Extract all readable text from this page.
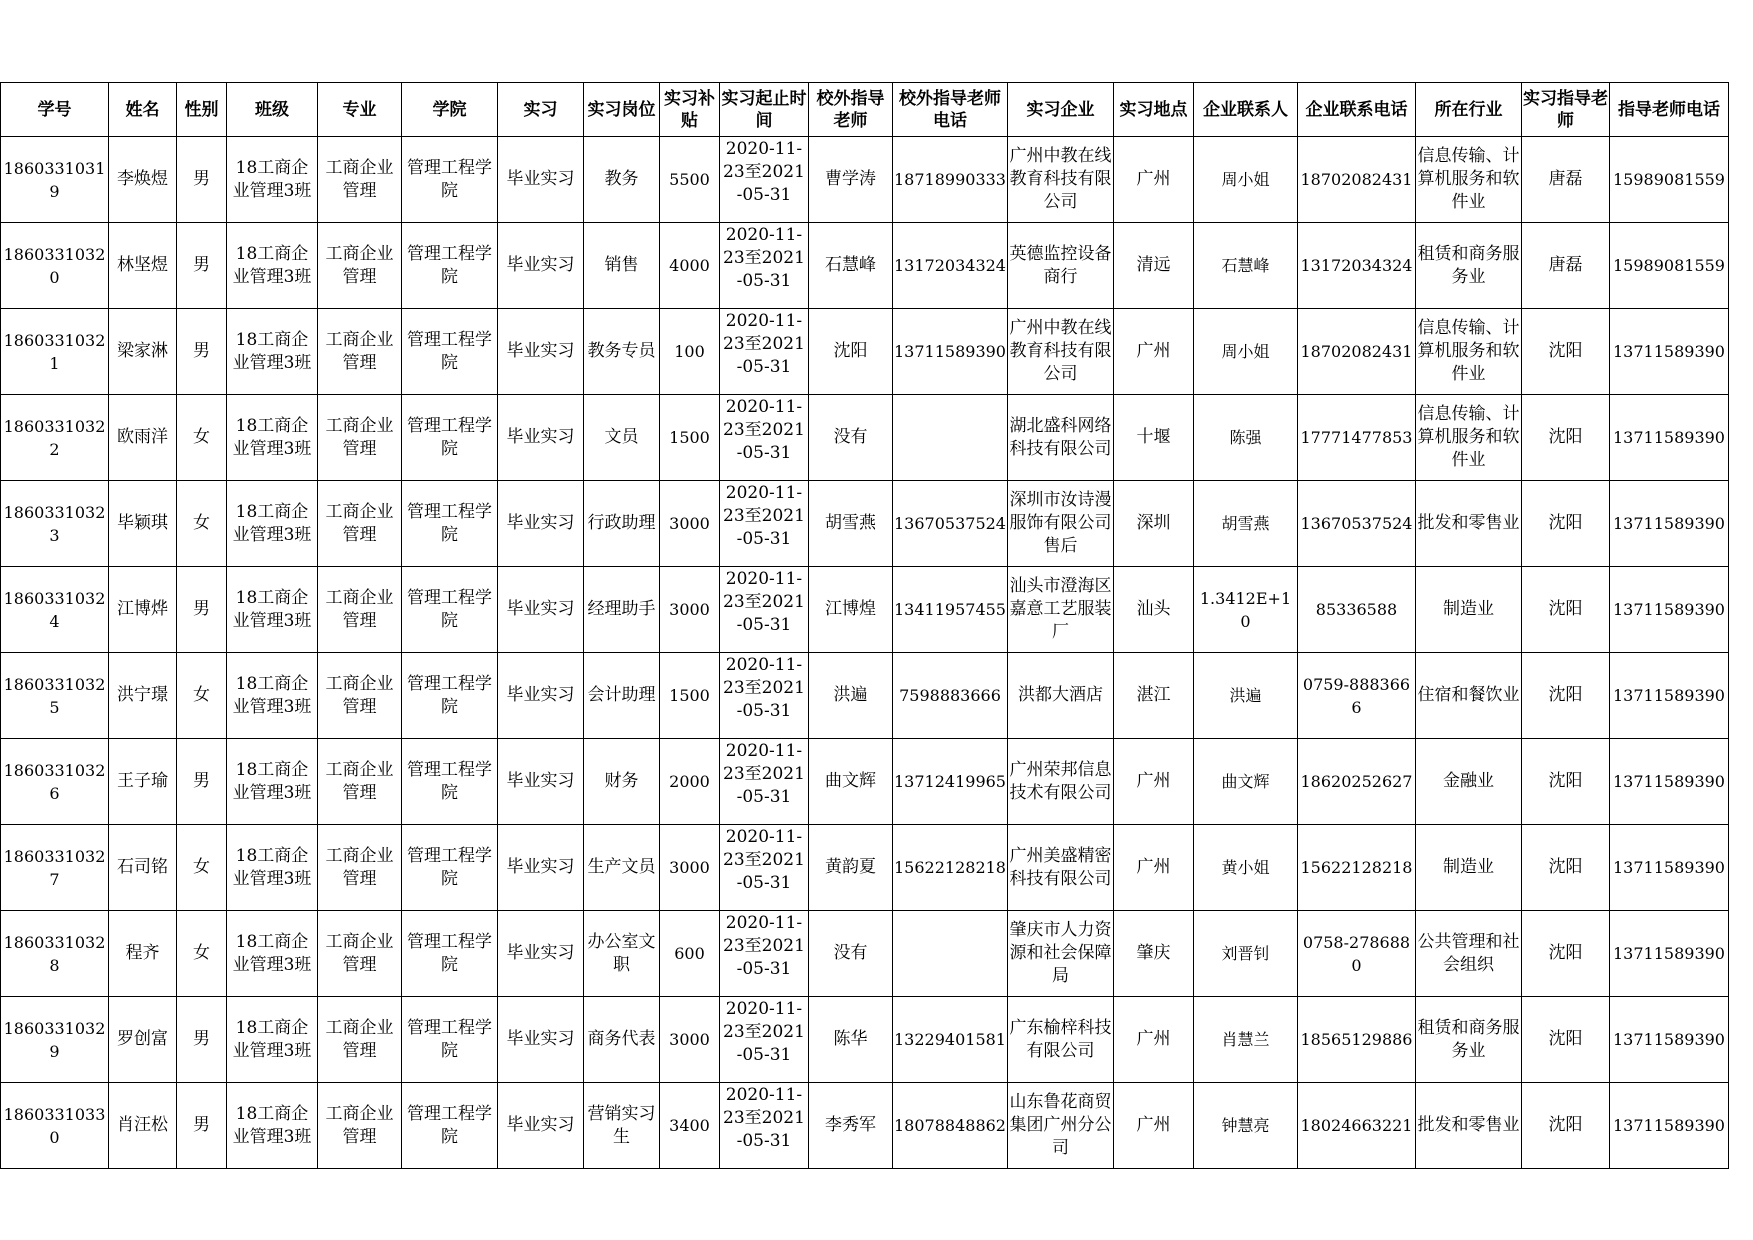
学号	姓名	性别	班级	专业	学院	实习	实习岗位	实习补贴	实习起止时间	校外指导老师	校外指导老师电话	实习企业	实习地点	企业联系人	企业联系电话	所在行业	实习指导老师	指导老师电话

18603310319	李焕煜	男	18工商企业管理3班	工商企业管理	管理工程学院	毕业实习	教务	5500	2020-11-23至2021-05-31	曹学涛	18718990333	广州中教在线教育科技有限公司	广州	周小姐	18702082431	信息传输、计算机服务和软件业	唐磊	15989081559

18603310320	林坚煜	男	18工商企业管理3班	工商企业管理	管理工程学院	毕业实习	销售	4000	2020-11-23至2021-05-31	石慧峰	13172034324	英德监控设备商行	清远	石慧峰	13172034324	租赁和商务服务业	唐磊	15989081559

18603310321	梁家淋	男	18工商企业管理3班	工商企业管理	管理工程学院	毕业实习	教务专员	100	2020-11-23至2021-05-31	沈阳	13711589390	广州中教在线教育科技有限公司	广州	周小姐	18702082431	信息传输、计算机服务和软件业	沈阳	13711589390

18603310322	欧雨洋	女	18工商企业管理3班	工商企业管理	管理工程学院	毕业实习	文员	1500	2020-11-23至2021-05-31	没有		湖北盛科网络科技有限公司	十堰	陈强	17771477853	信息传输、计算机服务和软件业	沈阳	13711589390

18603310323	毕颖琪	女	18工商企业管理3班	工商企业管理	管理工程学院	毕业实习	行政助理	3000	2020-11-23至2021-05-31	胡雪燕	13670537524	深圳市汝诗漫服饰有限公司售后	深圳	胡雪燕	13670537524	批发和零售业	沈阳	13711589390

18603310324	江博烨	男	18工商企业管理3班	工商企业管理	管理工程学院	毕业实习	经理助手	3000	2020-11-23至2021-05-31	江博煌	13411957455	汕头市澄海区嘉意工艺服装厂	汕头	1.3412E+10	85336588	制造业	沈阳	13711589390

18603310325	洪宁璟	女	18工商企业管理3班	工商企业管理	管理工程学院	毕业实习	会计助理	1500	2020-11-23至2021-05-31	洪遍	7598883666	洪都大酒店	湛江	洪遍	0759-8883666	住宿和餐饮业	沈阳	13711589390

18603310326	王子瑜	男	18工商企业管理3班	工商企业管理	管理工程学院	毕业实习	财务	2000	2020-11-23至2021-05-31	曲文辉	13712419965	广州荣邦信息技术有限公司	广州	曲文辉	18620252627	金融业	沈阳	13711589390

18603310327	石司铭	女	18工商企业管理3班	工商企业管理	管理工程学院	毕业实习	生产文员	3000	2020-11-23至2021-05-31	黄韵夏	15622128218	广州美盛精密科技有限公司	广州	黄小姐	15622128218	制造业	沈阳	13711589390

18603310328	程齐	女	18工商企业管理3班	工商企业管理	管理工程学院	毕业实习	办公室文职	600	2020-11-23至2021-05-31	没有		肇庆市人力资源和社会保障局	肇庆	刘晋钊	0758-2786880	公共管理和社会组织	沈阳	13711589390

18603310329	罗创富	男	18工商企业管理3班	工商企业管理	管理工程学院	毕业实习	商务代表	3000	2020-11-23至2021-05-31	陈华	13229401581	广东榆梓科技有限公司	广州	肖慧兰	18565129886	租赁和商务服务业	沈阳	13711589390

18603310330	肖汪松	男	18工商企业管理3班	工商企业管理	管理工程学院	毕业实习	营销实习生	3400	2020-11-23至2021-05-31	李秀军	18078848862	山东鲁花商贸集团广州分公司	广州	钟慧亮	18024663221	批发和零售业	沈阳	13711589390
